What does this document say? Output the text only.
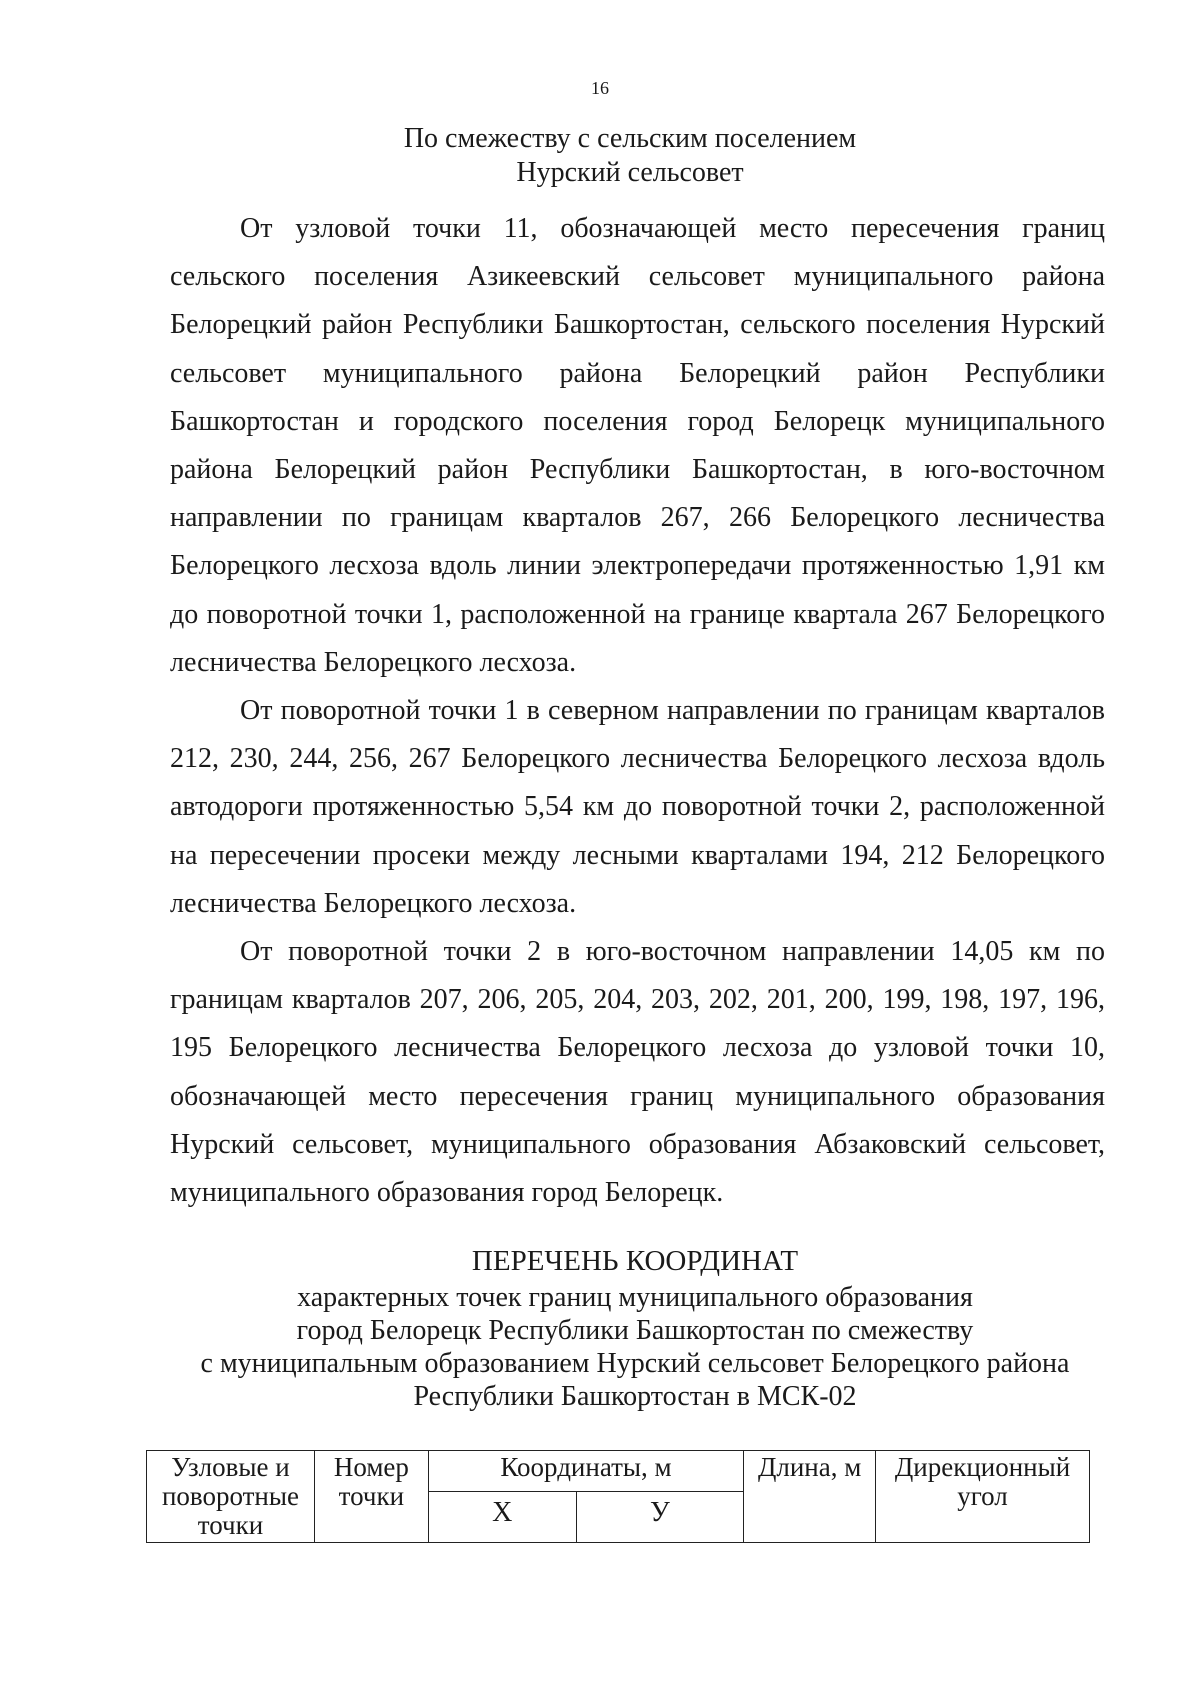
16
По смежеству с сельским поселением
Нурский сельсовет

От узловой точки 11, обозначающей место пересечения границ сельского поселения Азикеевский сельсовет муниципального района Белорецкий район Республики Башкортостан, сельского поселения Нурский сельсовет муниципального района Белорецкий район Республики Башкортостан и городского поселения город Белорецк муниципального района Белорецкий район Республики Башкортостан, в юго-восточном направлении по границам кварталов 267, 266 Белорецкого лесничества Белорецкого лесхоза вдоль линии электропередачи протяженностью 1,91 км до поворотной точки 1, расположенной на границе квартала 267 Белорецкого лесничества Белорецкого лесхоза.

От поворотной точки 1 в северном направлении по границам кварталов 212, 230, 244, 256, 267 Белорецкого лесничества Белорецкого лесхоза вдоль автодороги протяженностью 5,54 км до поворотной точки 2, расположенной на пересечении просеки между лесными кварталами 194, 212 Белорецкого лесничества Белорецкого лесхоза.

От поворотной точки 2 в юго-восточном направлении 14,05 км по границам кварталов 207, 206, 205, 204, 203, 202, 201, 200, 199, 198, 197, 196, 195 Белорецкого лесничества Белорецкого лесхоза до узловой точки 10, обозначающей место пересечения границ муниципального образования Нурский сельсовет, муниципального образования Абзаковский сельсовет, муниципального образования город Белорецк.

ПЕРЕЧЕНЬ КООРДИНАТ
характерных точек границ муниципального образования
город Белорецк Республики Башкортостан по смежеству
с муниципальным образованием Нурский сельсовет Белорецкого района
Республики Башкортостан в МСК-02
Узловые и поворотные точки	Номер точки	Координаты, м		Длина, м	Дирекционный угол
		Х	У		
